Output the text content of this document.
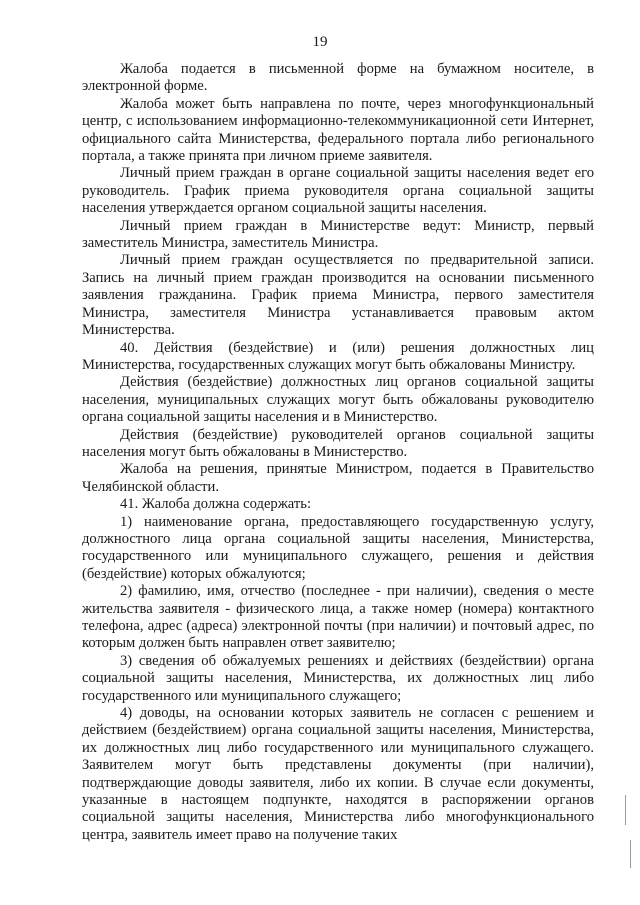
19

Жалоба подается в письменной форме на бумажном носителе, в электронной форме.

Жалоба может быть направлена по почте, через многофункциональный центр, с использованием информационно-телекоммуникационной сети Интернет, официального сайта Министерства, федерального портала либо регионального портала, а также принята при личном приеме заявителя.

Личный прием граждан в органе социальной защиты населения ведет его руководитель. График приема руководителя органа социальной защиты населения утверждается органом социальной защиты населения.

Личный прием граждан в Министерстве ведут: Министр, первый заместитель Министра, заместитель Министра.

Личный прием граждан осуществляется по предварительной записи. Запись на личный прием граждан производится на основании письменного заявления гражданина. График приема Министра, первого заместителя Министра, заместителя Министра устанавливается правовым актом Министерства.

40. Действия (бездействие) и (или) решения должностных лиц Министерства, государственных служащих могут быть обжалованы Министру.

Действия (бездействие) должностных лиц органов социальной защиты населения, муниципальных служащих могут быть обжалованы руководителю органа социальной защиты населения и в Министерство.

Действия (бездействие) руководителей органов социальной защиты населения могут быть обжалованы в Министерство.

Жалоба на решения, принятые Министром, подается в Правительство Челябинской области.

41. Жалоба должна содержать:

1) наименование органа, предоставляющего государственную услугу, должностного лица органа социальной защиты населения, Министерства, государственного или муниципального служащего, решения и действия (бездействие) которых обжалуются;

2) фамилию, имя, отчество (последнее - при наличии), сведения о месте жительства заявителя - физического лица, а также номер (номера) контактного телефона, адрес (адреса) электронной почты (при наличии) и почтовый адрес, по которым должен быть направлен ответ заявителю;

3) сведения об обжалуемых решениях и действиях (бездействии) органа социальной защиты населения, Министерства, их должностных лиц либо государственного или муниципального служащего;

4) доводы, на основании которых заявитель не согласен с решением и действием (бездействием) органа социальной защиты населения, Министерства, их должностных лиц либо государственного или муниципального служащего. Заявителем могут быть представлены документы (при наличии), подтверждающие доводы заявителя, либо их копии. В случае если документы, указанные в настоящем подпункте, находятся в распоряжении органов социальной защиты населения, Министерства либо многофункционального центра, заявитель имеет право на получение таких
